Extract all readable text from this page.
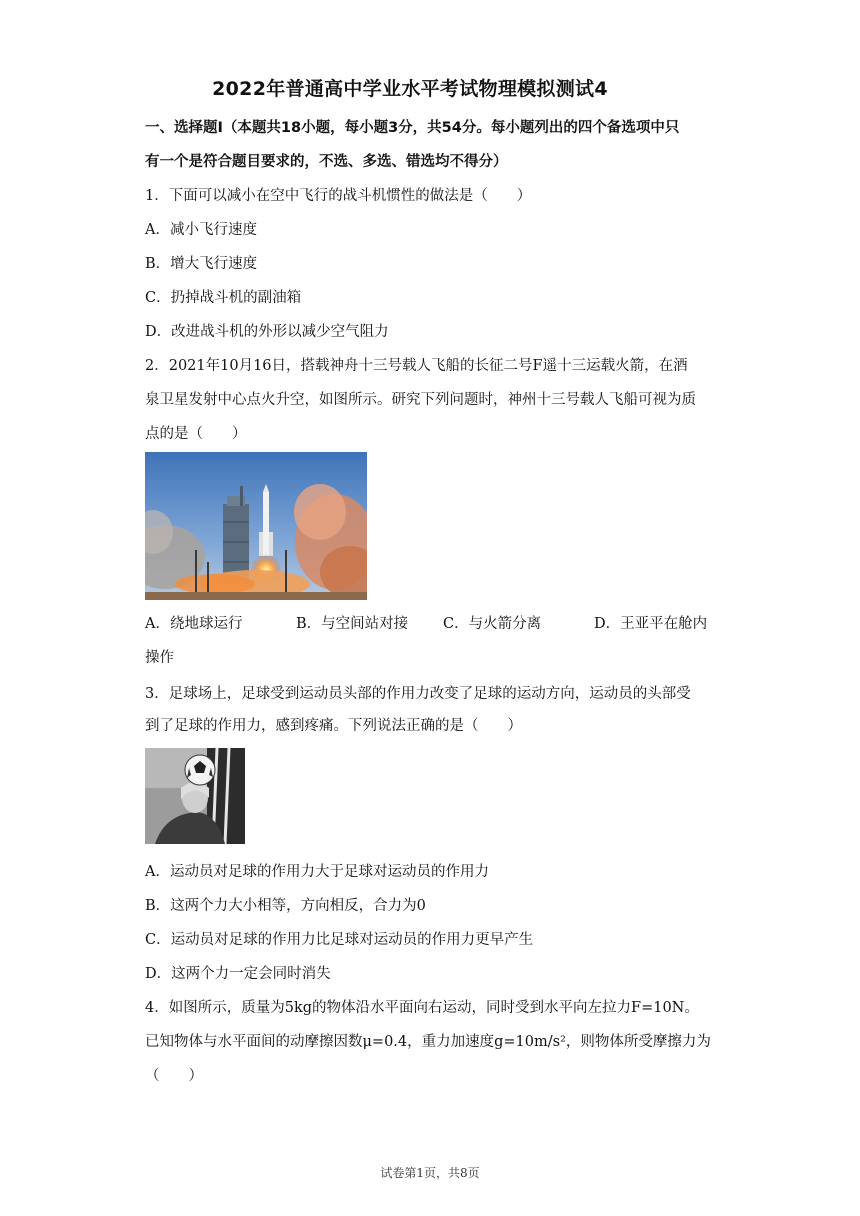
2022年普通高中学业水平考试物理模拟测试4
一、选择题I（本题共18小题，每小题3分，共54分。每小题列出的四个备选项中只
有一个是符合题目要求的，不选、多选、错选均不得分）
1．下面可以减小在空中飞行的战斗机惯性的做法是（　　）
A．减小飞行速度
B．增大飞行速度
C．扔掉战斗机的副油箱
D．改进战斗机的外形以减少空气阻力
2．2021年10月16日，搭载神舟十三号载人飞船的长征二号F遥十三运载火箭，在酒
泉卫星发射中心点火升空，如图所示。研究下列问题时，神州十三号载人飞船可视为质
点的是（　　）
A．绕地球运行	B．与空间站对接 C．与火箭分离	D．王亚平在舱内
操作
3．足球场上，足球受到运动员头部的作用力改变了足球的运动方向，运动员的头部受
到了足球的作用力，感到疼痛。下列说法正确的是（　　）
A．运动员对足球的作用力大于足球对运动员的作用力
B．这两个力大小相等，方向相反，合力为0
C．运动员对足球的作用力比足球对运动员的作用力更早产生
D．这两个力一定会同时消失
4．如图所示，质量为5kg的物体沿水平面向右运动，同时受到水平向左拉力F=10N。
已知物体与水平面间的动摩擦因数μ=0.4，重力加速度g=10m/s²，则物体所受摩擦力为
（　　）
试卷第1页，共8页
